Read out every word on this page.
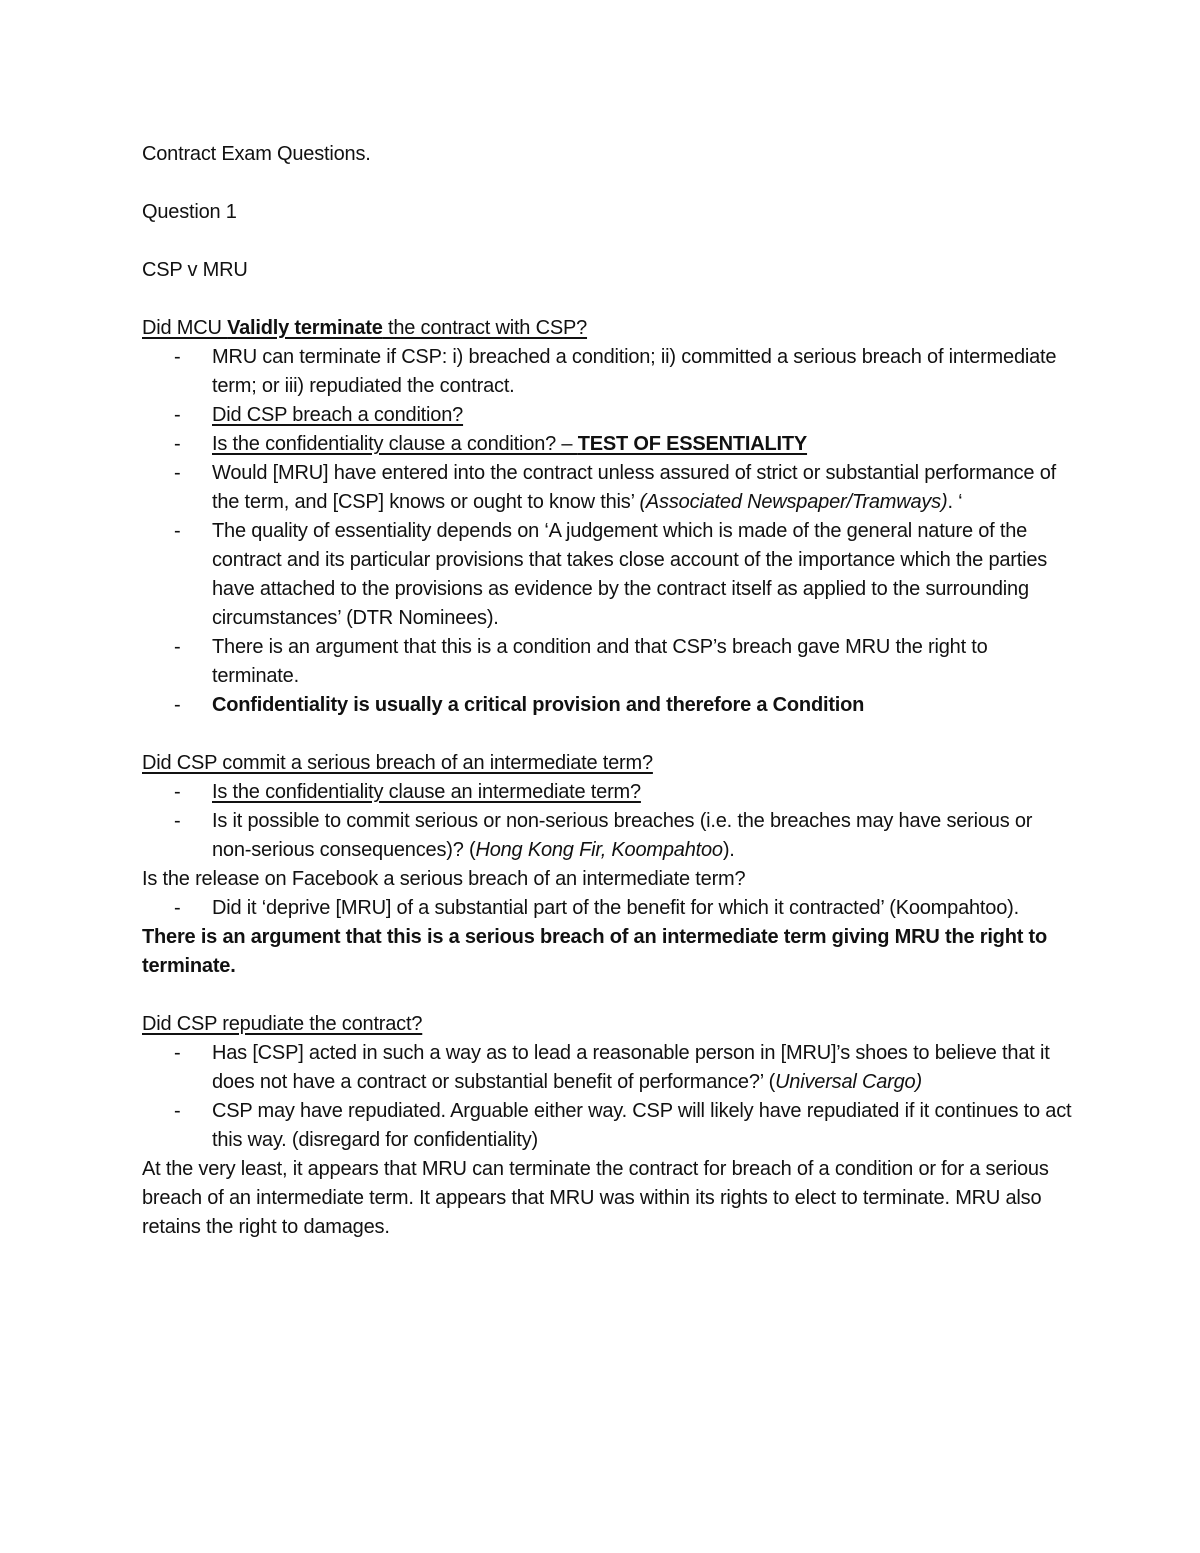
Contract Exam Questions.

Question 1

CSP v MRU

Did MCU Validly terminate the contract with CSP?

- MRU can terminate if CSP: i) breached a condition; ii) committed a serious breach of intermediate term; or iii) repudiated the contract.

- Did CSP breach a condition?

- Is the confidentiality clause a condition? – TEST OF ESSENTIALITY

- Would [MRU] have entered into the contract unless assured of strict or substantial performance of the term, and [CSP] knows or ought to know this’ (Associated Newspaper/Tramways). ‘

- The quality of essentiality depends on ‘A judgement which is made of the general nature of the contract and its particular provisions that takes close account of the importance which the parties have attached to the provisions as evidence by the contract itself as applied to the surrounding circumstances’ (DTR Nominees).

- There is an argument that this is a condition and that CSP’s breach gave MRU the right to terminate.

- Confidentiality is usually a critical provision and therefore a Condition

Did CSP commit a serious breach of an intermediate term?

- Is the confidentiality clause an intermediate term?

- Is it possible to commit serious or non-serious breaches (i.e. the breaches may have serious or non-serious consequences)? (Hong Kong Fir, Koompahtoo).

Is the release on Facebook a serious breach of an intermediate term?

- Did it ‘deprive [MRU] of a substantial part of the benefit for which it contracted’ (Koompahtoo).

There is an argument that this is a serious breach of an intermediate term giving MRU the right to terminate.

Did CSP repudiate the contract?

- Has [CSP] acted in such a way as to lead a reasonable person in [MRU]’s shoes to believe that it does not have a contract or substantial benefit of performance?’ (Universal Cargo)

- CSP may have repudiated. Arguable either way. CSP will likely have repudiated if it continues to act this way. (disregard for confidentiality)

At the very least, it appears that MRU can terminate the contract for breach of a condition or for a serious breach of an intermediate term. It appears that MRU was within its rights to elect to terminate. MRU also retains the right to damages.
